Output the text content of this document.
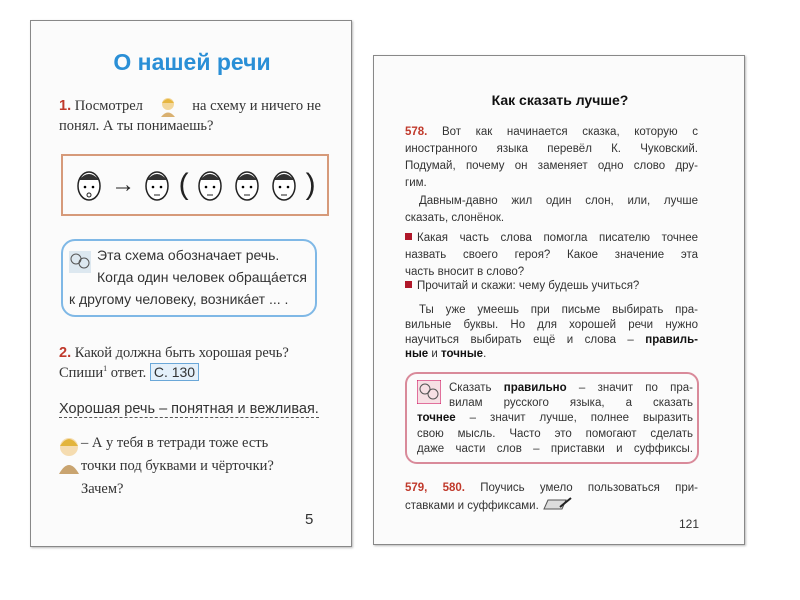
О нашей речи
1. Посмотрел	на схему и ничего не
понял. А ты понимаешь?
→ (	)
Эта схема обозначает речь.
Когда один человек обращáется
к другому человеку, возникáет ... .
2. Какой должна быть хорошая речь?
Спиши$^1$ ответ. С. 130
Хорошая речь – понятная и вежливая.
– А у тебя в тетради тоже есть
точки под буквами и чёрточки?
Зачем?
5
Как сказать лучше?
578. Вот как начинается сказка, которую с
иностранного языка перевёл К. Чуковский.
Подумай, почему он заменяет одно слово дру-
гим.
Давным-давно жил один слон, или, лучше
сказать, слонёнок.
Какая часть слова помогла писателю точнее
назвать своего героя? Какое значение эта
часть вносит в слово?
Прочитай и скажи: чему будешь учиться?
Ты уже умеешь при письме выбирать пра-
вильные буквы. Но для хорошей речи нужно
научиться выбирать ещё и слова – правиль-
ные и точные.
Сказать правильно – значит по пра-
вилам русского языка, а сказать
точнее – значит лучше, полнее выразить
свою мысль. Часто это помогают сделать
даже части слов – приставки и суффиксы.
579, 580. Поучись умело пользоваться при-
ставками и суффиксами.
121
